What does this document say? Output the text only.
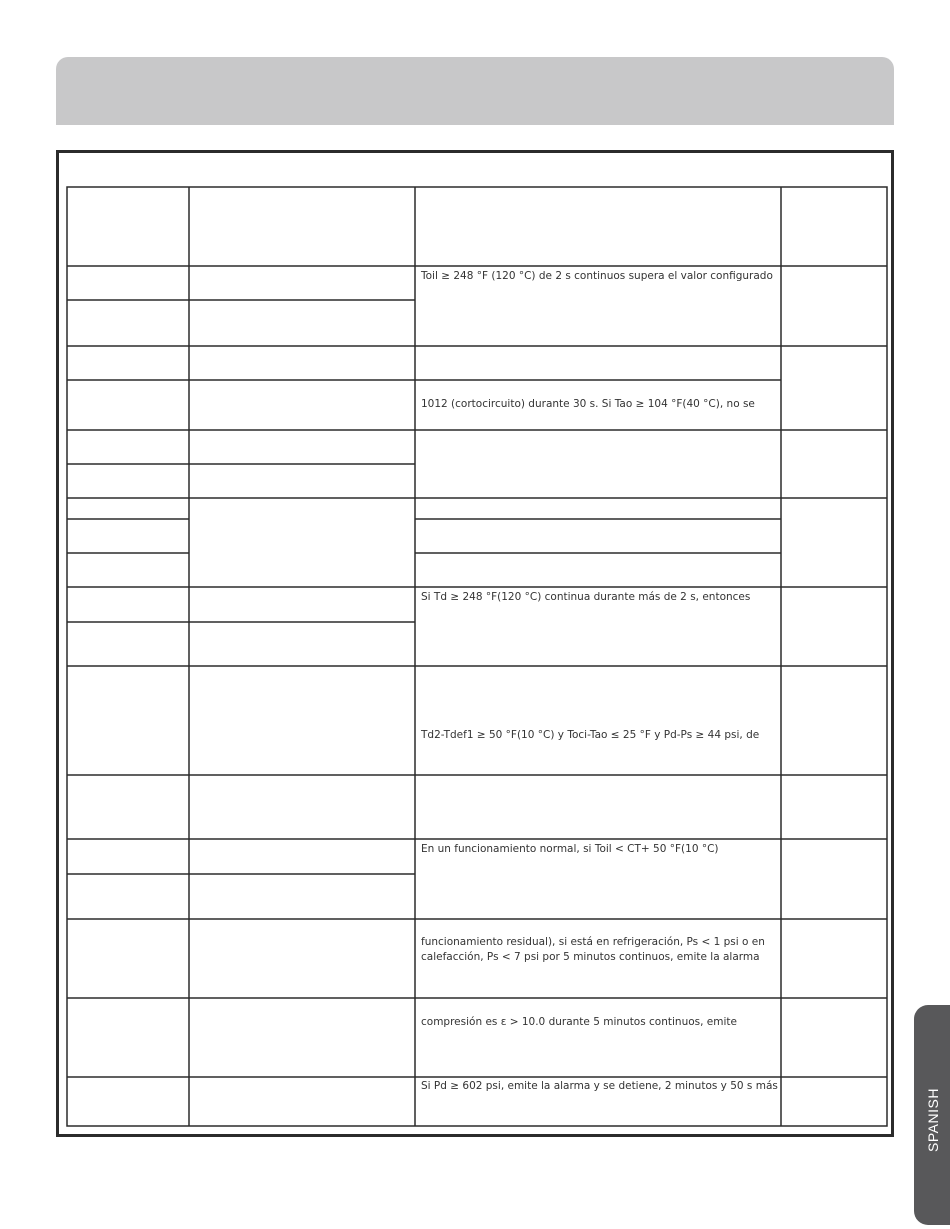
Toil ≥ 248 °F (120 °C) de 2 s continuos supera el valor configurado
1012 (cortocircuito) durante 30 s. Si Tao ≥ 104 °F(40 °C), no se
Si Td ≥ 248 °F(120 °C) continua durante más de 2 s, entonces
Td2-Tdef1 ≥ 50 °F(10 °C) y Toci-Tao ≤ 25 °F y Pd-Ps ≥ 44 psi, de
En un funcionamiento normal, si Toil < CT+ 50 °F(10 °C)
funcionamiento residual), si está en refrigeración, Ps < 1 psi o en
calefacción, Ps < 7 psi por 5 minutos continuos, emite la alarma
compresión es ε > 10.0 durante 5 minutos continuos, emite
Si Pd ≥ 602 psi, emite la alarma y se detiene, 2 minutos y 50 s más
SPANISH
